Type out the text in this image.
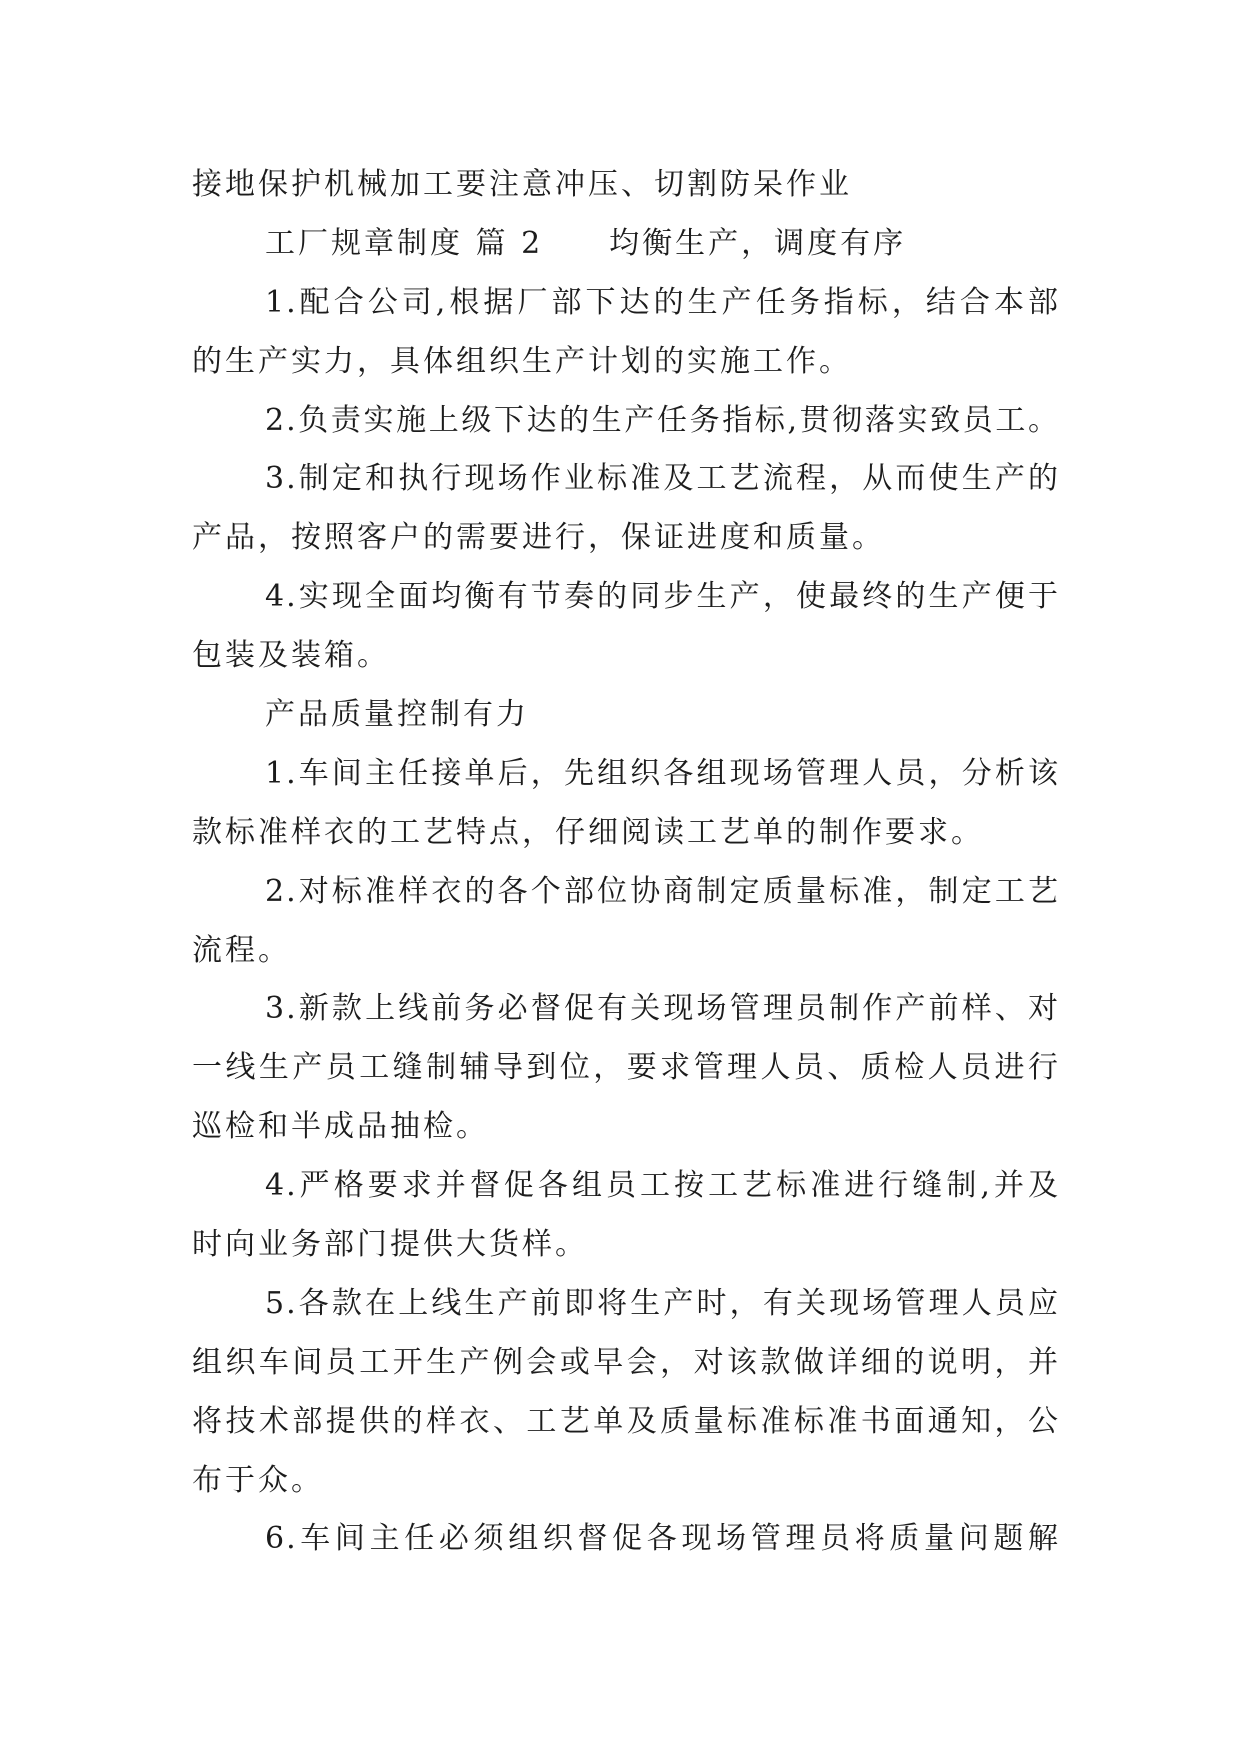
接地保护机械加工要注意冲压、切割防呆作业
工厂规章制度 篇 2 均衡生产，调度有序
1.配合公司,根据厂部下达的生产任务指标，结合本部
的生产实力，具体组织生产计划的实施工作。
2.负责实施上级下达的生产任务指标,贯彻落实致员工。
3.制定和执行现场作业标准及工艺流程，从而使生产的
产品，按照客户的需要进行，保证进度和质量。
4.实现全面均衡有节奏的同步生产，使最终的生产便于
包装及装箱。
产品质量控制有力
1.车间主任接单后，先组织各组现场管理人员，分析该
款标准样衣的工艺特点，仔细阅读工艺单的制作要求。
2.对标准样衣的各个部位协商制定质量标准，制定工艺
流程。
3.新款上线前务必督促有关现场管理员制作产前样、对
一线生产员工缝制辅导到位，要求管理人员、质检人员进行
巡检和半成品抽检。
4.严格要求并督促各组员工按工艺标准进行缝制,并及
时向业务部门提供大货样。
5.各款在上线生产前即将生产时，有关现场管理人员应
组织车间员工开生产例会或早会，对该款做详细的说明，并
将技术部提供的样衣、工艺单及质量标准标准书面通知，公
布于众。
6.车间主任必须组织督促各现场管理员将质量问题解
